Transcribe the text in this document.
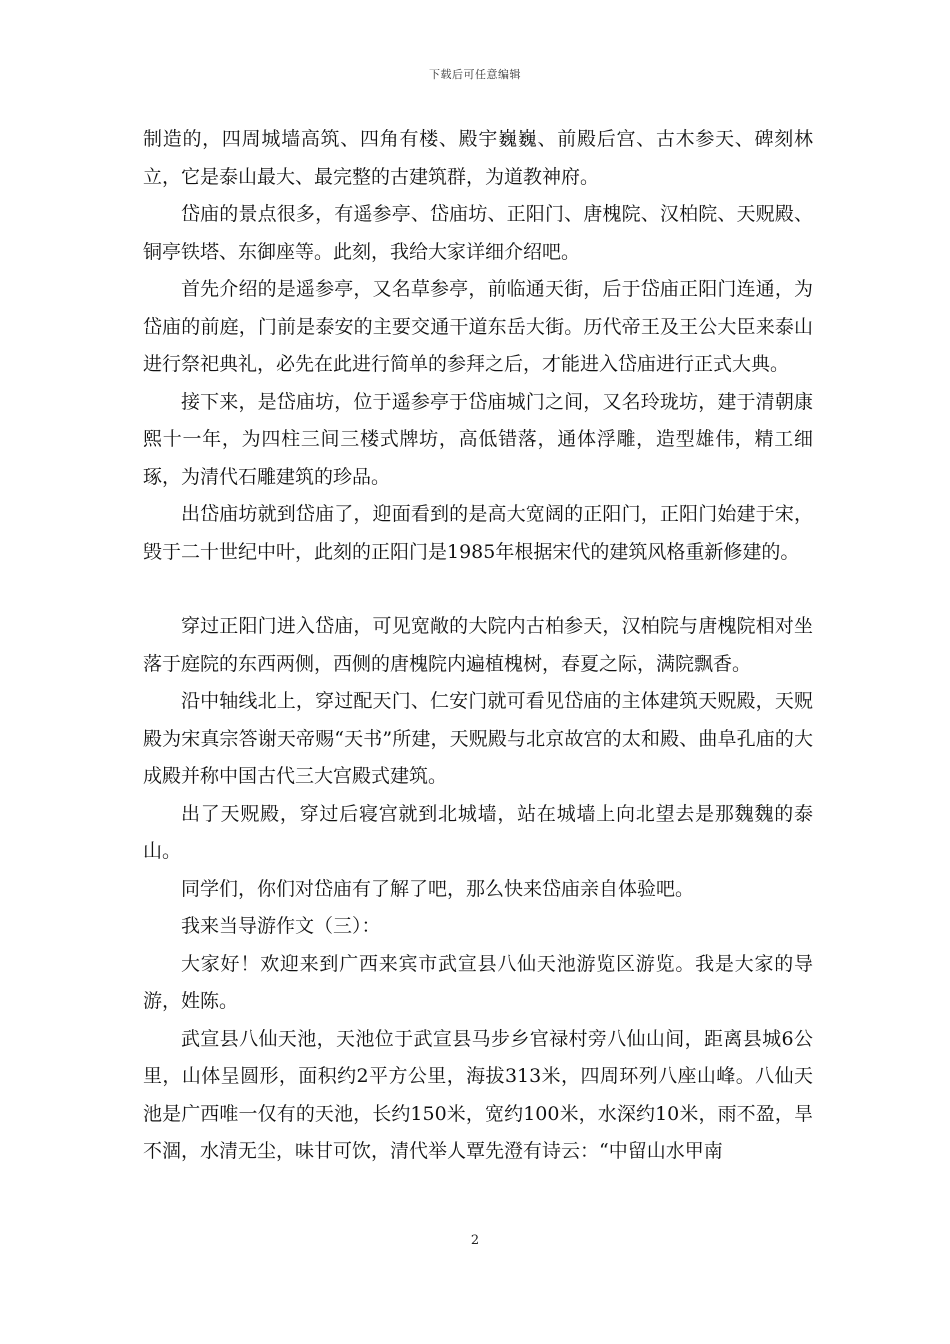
下载后可任意编辑

制造的，四周城墙高筑、四角有楼、殿宇巍巍、前殿后宫、古木参天、碑刻林立，它是泰山最大、最完整的古建筑群，为道教神府。

岱庙的景点很多，有遥参亭、岱庙坊、正阳门、唐槐院、汉柏院、天贶殿、铜亭铁塔、东御座等。此刻，我给大家详细介绍吧。

首先介绍的是遥参亭，又名草参亭，前临通天街，后于岱庙正阳门连通，为岱庙的前庭，门前是泰安的主要交通干道东岳大街。历代帝王及王公大臣来泰山进行祭祀典礼，必先在此进行简单的参拜之后，才能进入岱庙进行正式大典。

接下来，是岱庙坊，位于遥参亭于岱庙城门之间，又名玲珑坊，建于清朝康熙十一年，为四柱三间三楼式牌坊，高低错落，通体浮雕，造型雄伟，精工细琢，为清代石雕建筑的珍品。

出岱庙坊就到岱庙了，迎面看到的是高大宽阔的正阳门，正阳门始建于宋，毁于二十世纪中叶，此刻的正阳门是1985年根据宋代的建筑风格重新修建的。

穿过正阳门进入岱庙，可见宽敞的大院内古柏参天，汉柏院与唐槐院相对坐落于庭院的东西两侧，西侧的唐槐院内遍植槐树，春夏之际，满院飘香。

沿中轴线北上，穿过配天门、仁安门就可看见岱庙的主体建筑天贶殿，天贶殿为宋真宗答谢天帝赐“天书”所建，天贶殿与北京故宫的太和殿、曲阜孔庙的大成殿并称中国古代三大宫殿式建筑。

出了天贶殿，穿过后寝宫就到北城墙，站在城墙上向北望去是那魏魏的泰山。

同学们，你们对岱庙有了解了吧，那么快来岱庙亲自体验吧。

我来当导游作文（三）：

大家好！欢迎来到广西来宾市武宣县八仙天池游览区游览。我是大家的导游，姓陈。

武宣县八仙天池，天池位于武宣县马步乡官禄村旁八仙山间，距离县城6公里，山体呈圆形，面积约2平方公里，海拔313米，四周环列八座山峰。八仙天池是广西唯一仅有的天池，长约150米，宽约100米，水深约10米，雨不盈，旱不涸，水清无尘，味甘可饮，清代举人覃先澄有诗云：“中留山水甲南

2
